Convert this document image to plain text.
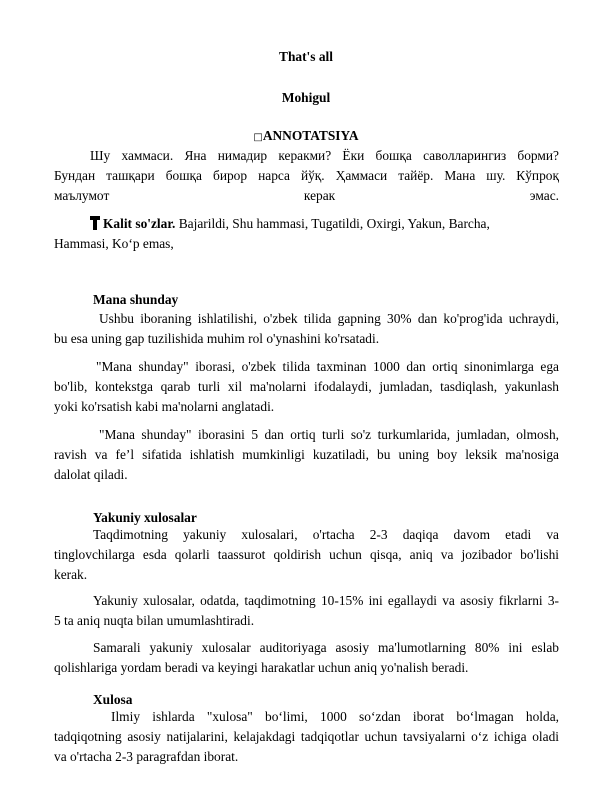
That's all
Mohigul
□ANNOTATSIYA
Шу хаммаси. Яна нимадир керакми? Ёки бошқа саволларингиз борми?
Бундан ташқари бошқа бирор нарса йўқ. Ҳаммаси тайёр. Мана шу. Кўпроқ
маълумот керак эмас.
Kalit so'zlar. Bajarildi, Shu hammasi, Tugatildi, Oxirgi, Yakun, Barcha,
Hammasi, Ko‘p emas,
Mana shunday
Ushbu iboraning ishlatilishi, o'zbek tilida gapning 30% dan ko'prog'ida uchraydi,
bu esa uning gap tuzilishida muhim rol o'ynashini ko'rsatadi.
"Mana shunday" iborasi, o'zbek tilida taxminan 1000 dan ortiq sinonimlarga ega
bo'lib, kontekstga qarab turli xil ma'nolarni ifodalaydi, jumladan, tasdiqlash, yakunlash
yoki ko'rsatish kabi ma'nolarni anglatadi.
"Mana shunday" iborasini 5 dan ortiq turli so'z turkumlarida, jumladan, olmosh,
ravish va fe’l sifatida ishlatish mumkinligi kuzatiladi, bu uning boy leksik ma'nosiga
dalolat qiladi.
Yakuniy xulosalar
Taqdimotning yakuniy xulosalari, o'rtacha 2-3 daqiqa davom etadi va
tinglovchilarga esda qolarli taassurot qoldirish uchun qisqa, aniq va jozibador bo'lishi
kerak.
Yakuniy xulosalar, odatda, taqdimotning 10-15% ini egallaydi va asosiy fikrlarni 3-
5 ta aniq nuqta bilan umumlashtiradi.
Samarali yakuniy xulosalar auditoriyaga asosiy ma'lumotlarning 80% ini eslab
qolishlariga yordam beradi va keyingi harakatlar uchun aniq yo'nalish beradi.
Xulosa
Ilmiy ishlarda "xulosa" bo‘limi, 1000 so‘zdan iborat bo‘lmagan holda,
tadqiqotning asosiy natijalarini, kelajakdagi tadqiqotlar uchun tavsiyalarni o‘z ichiga oladi
va o'rtacha 2-3 paragrafdan iborat.
